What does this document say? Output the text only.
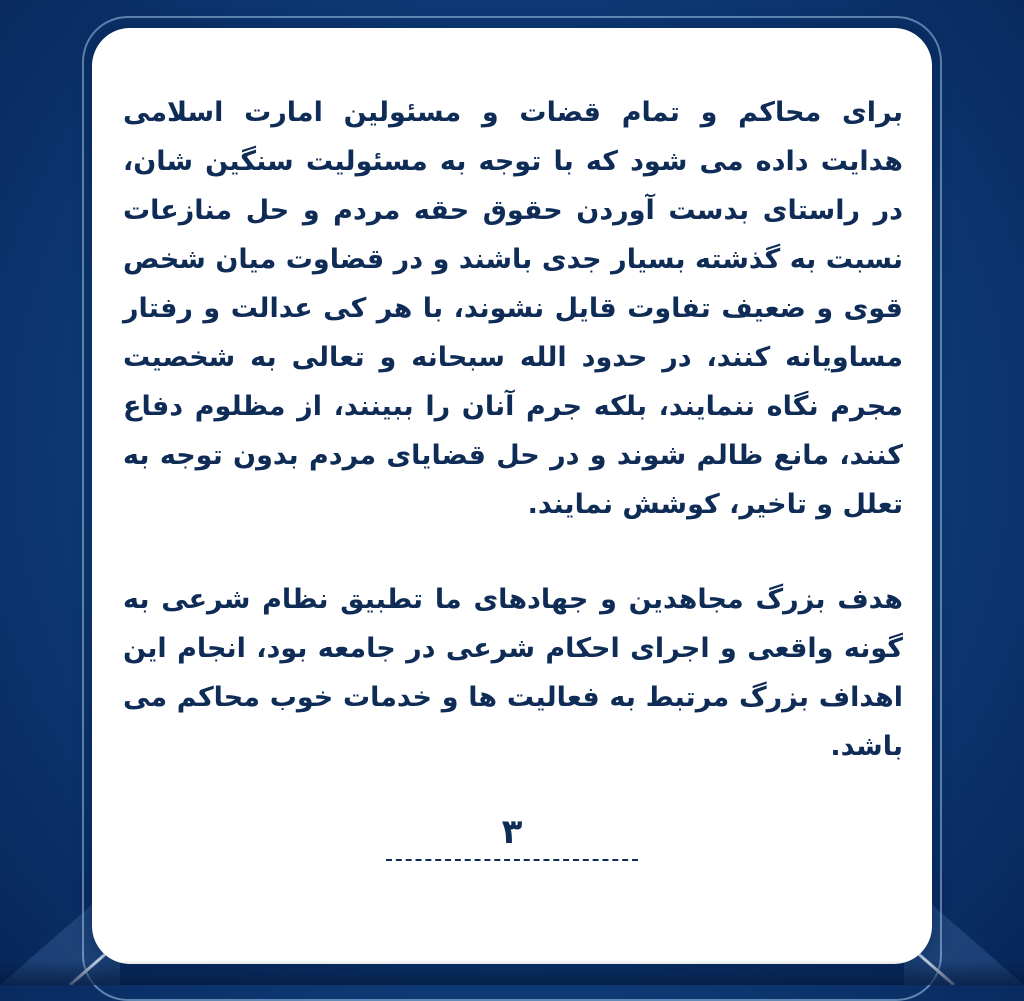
برای محاکم و تمام قضات و مسئولین امارت اسلامی هدایت داده می شود که با توجه به مسئولیت سنگین شان، در راستای بدست آوردن حقوق حقه مردم و حل منازعات نسبت به گذشته بسیار جدی باشند و در قضاوت میان شخص قوی و ضعیف تفاوت قایل نشوند، با هر کی عدالت و رفتار مساویانه کنند، در حدود الله سبحانه و تعالی به شخصیت مجرم نگاه ننمایند، بلکه جرم آنان را ببینند، از مظلوم دفاع کنند، مانع ظالم شوند و در حل قضایای مردم بدون توجه به تعلل و تاخیر، کوشش نمایند.

هدف بزرگ مجاهدین و جهادهای ما تطبیق نظام شرعی به گونه واقعی و اجرای احکام شرعی در جامعه بود، انجام این اهداف بزرگ مرتبط به فعالیت ها و خدمات خوب محاکم می باشد.

٣
